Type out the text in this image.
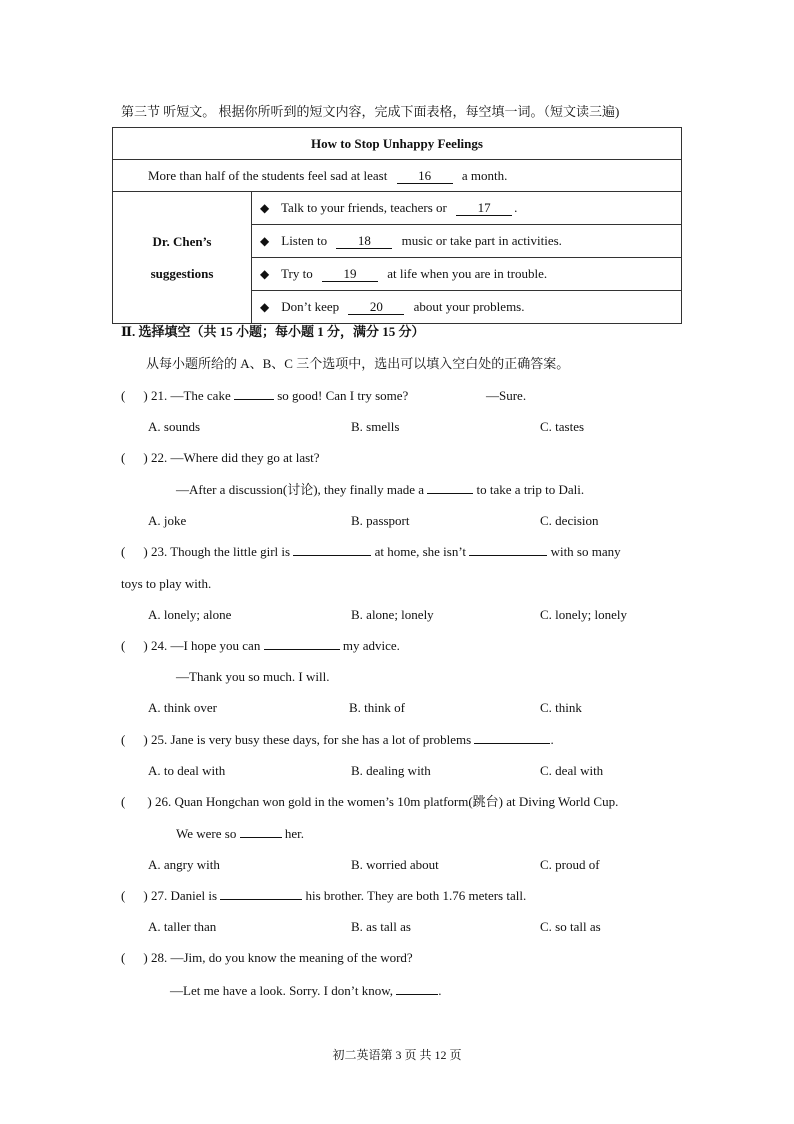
第三节 听短文。 根据你所听到的短文内容，完成下面表格，每空填一词。（短文读三遍)
How to Stop Unhappy Feelings
More than half of the students feel sad at least 16 a month.

Dr. Chen’s
suggestions
	◆ Talk to your friends, teachers or 17 .
◆ Listen to 18 music or take part in activities.
◆ Try to 19 at life when you are in trouble.
◆ Don’t keep 20 about your problems.
Ⅱ. 选择填空（共 15 小题；每小题 1 分，满分 15 分）
从每小题所给的 A、B、C 三个选项中，选出可以填入空白处的正确答案。
( ) 21. —The cake	so good! Can I try some?	—Sure.
A. sounds	B. smells	C. tastes
( ) 22. —Where did they go at last?
—After a discussion(讨论), they finally made a	to take a trip to Dali.
A. joke	B. passport	C. decision
( ) 23. Though the little girl is	at home, she isn’t	with so many
toys to play with.
A. lonely; alone	B. alone; lonely	C. lonely; lonely
( ) 24. —I hope you can	my advice.
—Thank you so much. I will.
A. think over	B. think of	C. think
( ) 25. Jane is very busy these days, for she has a lot of problems	.
A. to deal with	B. dealing with	C. deal with
( ) 26. Quan Hongchan won gold in the women’s 10m platform(跳台) at Diving World Cup.
We were so	her.
A. angry with	B. worried about	C. proud of
( ) 27. Daniel is	his brother. They are both 1.76 meters tall.
A. taller than	B. as tall as	C. so tall as
( ) 28. —Jim, do you know the meaning of the word?
—Let me have a look. Sorry. I don’t know,	.
初二英语第 3 页 共 12 页
